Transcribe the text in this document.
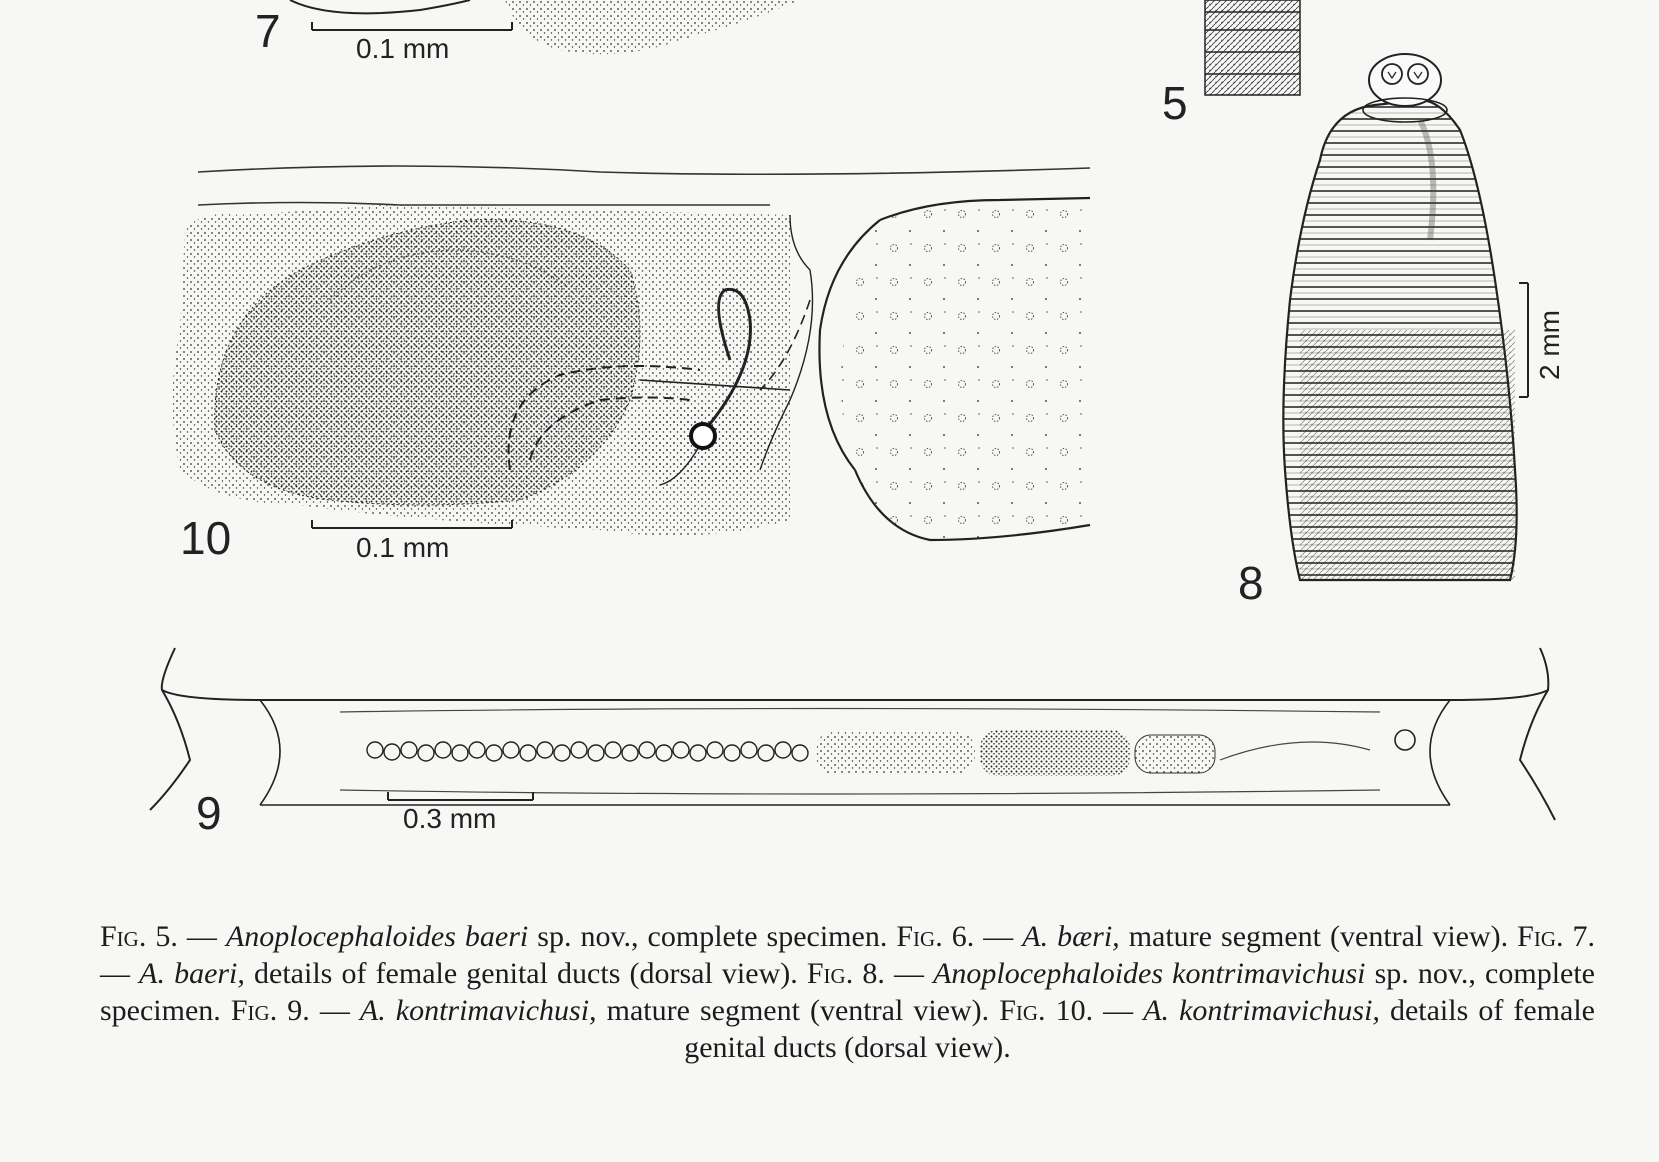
7	0.1 mm
5
10	0.1 mm
8
2 mm
9	0.3 mm
Fig. 5. — Anoplocephaloides baeri sp. nov., complete specimen. Fig. 6. — A. bæri, mature segment (ventral view). Fig. 7. — A. baeri, details of female genital ducts (dorsal view). Fig. 8. — Anoplocephaloides kontrimavichusi sp. nov., complete specimen. Fig. 9. — A. kontrimavichusi, mature segment (ventral view). Fig. 10. — A. kontrimavichusi, details of female genital ducts (dorsal view).
